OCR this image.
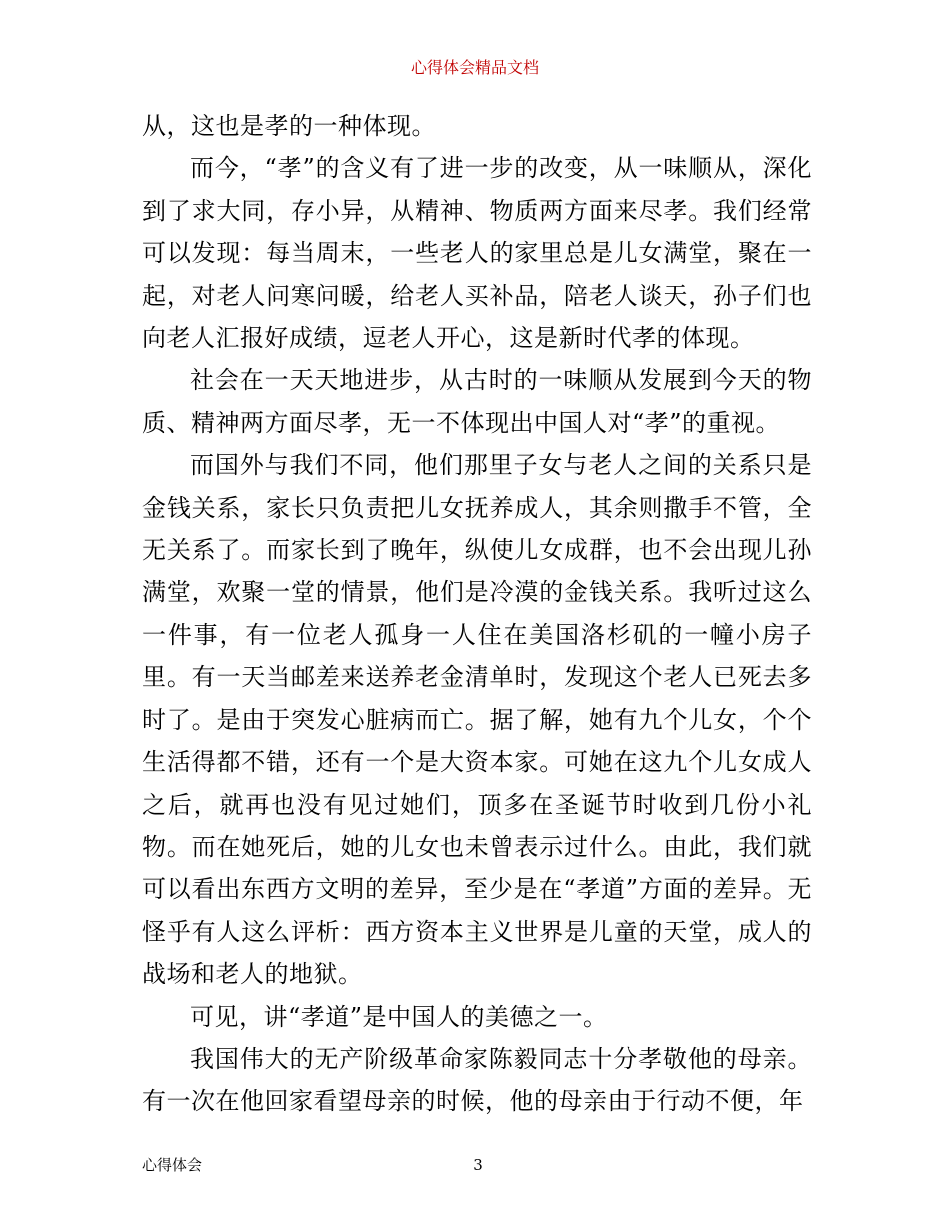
心得体会精品文档

从，这也是孝的一种体现。

而今，“孝”的含义有了进一步的改变，从一味顺从，深化到了求大同，存小异，从精神、物质两方面来尽孝。我们经常可以发现：每当周末，一些老人的家里总是儿女满堂，聚在一起，对老人问寒问暖，给老人买补品，陪老人谈天，孙子们也向老人汇报好成绩，逗老人开心，这是新时代孝的体现。

社会在一天天地进步，从古时的一味顺从发展到今天的物质、精神两方面尽孝，无一不体现出中国人对“孝”的重视。

而国外与我们不同，他们那里子女与老人之间的关系只是金钱关系，家长只负责把儿女抚养成人，其余则撒手不管，全无关系了。而家长到了晚年，纵使儿女成群，也不会出现儿孙满堂，欢聚一堂的情景，他们是冷漠的金钱关系。我听过这么一件事，有一位老人孤身一人住在美国洛杉矶的一幢小房子里。有一天当邮差来送养老金清单时，发现这个老人已死去多时了。是由于突发心脏病而亡。据了解，她有九个儿女，个个生活得都不错，还有一个是大资本家。可她在这九个儿女成人之后，就再也没有见过她们，顶多在圣诞节时收到几份小礼物。而在她死后，她的儿女也未曾表示过什么。由此，我们就可以看出东西方文明的差异，至少是在“孝道”方面的差异。无怪乎有人这么评析：西方资本主义世界是儿童的天堂，成人的战场和老人的地狱。

可见，讲“孝道”是中国人的美德之一。

我国伟大的无产阶级革命家陈毅同志十分孝敬他的母亲。有一次在他回家看望母亲的时候，他的母亲由于行动不便，年

心得体会	3
